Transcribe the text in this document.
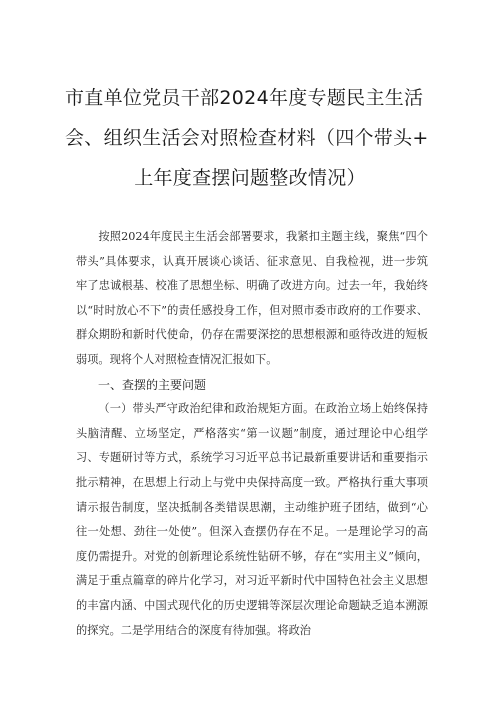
市直单位党员干部2024年度专题民主生活
会、组织生活会对照检查材料（四个带头+
上年度查摆问题整改情况）

按照2024年度民主生活会部署要求，我紧扣主题主线，聚焦“四个带头”具体要求，认真开展谈心谈话、征求意见、自我检视，进一步筑牢了忠诚根基、校准了思想坐标、明确了改进方向。过去一年，我始终以“时时放心不下”的责任感投身工作，但对照市委市政府的工作要求、群众期盼和新时代使命，仍存在需要深挖的思想根源和亟待改进的短板弱项。现将个人对照检查情况汇报如下。

一、查摆的主要问题

（一）带头严守政治纪律和政治规矩方面。在政治立场上始终保持头脑清醒、立场坚定，严格落实“第一议题”制度，通过理论中心组学习、专题研讨等方式，系统学习习近平总书记最新重要讲话和重要指示批示精神，在思想上行动上与党中央保持高度一致。严格执行重大事项请示报告制度，坚决抵制各类错误思潮，主动维护班子团结，做到“心往一处想、劲往一处使”。但深入查摆仍存在不足。一是理论学习的高度仍需提升。对党的创新理论系统性钻研不够，存在“实用主义”倾向，满足于重点篇章的碎片化学习，对习近平新时代中国特色社会主义思想的丰富内涵、中国式现代化的历史逻辑等深层次理论命题缺乏追本溯源的探究。二是学用结合的深度有待加强。将政治
